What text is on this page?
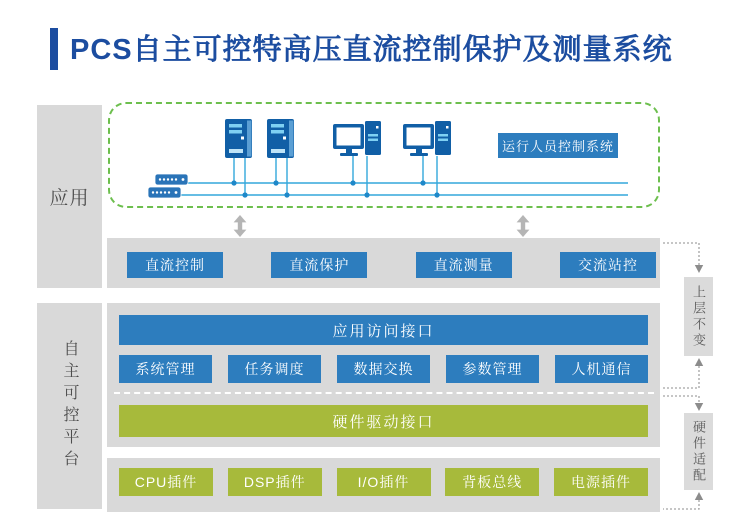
PCS自主可控特高压直流控制保护及测量系统
应用
自主可控平台
运行人员控制系统
直流控制	直流保护	直流测量	交流站控
应用访问接口
系统管理	任务调度	数据交换	参数管理	人机通信
硬件驱动接口
CPU插件	DSP插件	I/O插件	背板总线	电源插件
上层不变
硬件适配
